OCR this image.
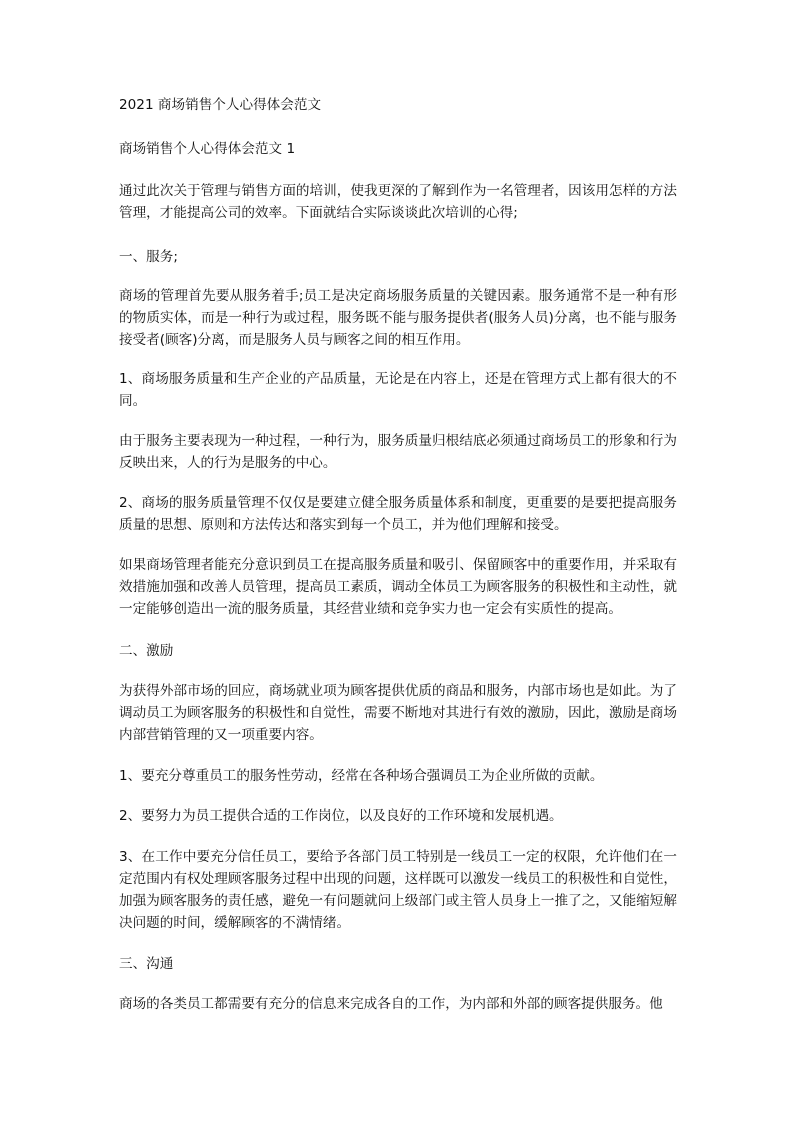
2021 商场销售个人心得体会范文

商场销售个人心得体会范文 1

通过此次关于管理与销售方面的培训，使我更深的了解到作为一名管理者，因该用怎样的方法管理，才能提高公司的效率。下面就结合实际谈谈此次培训的心得;

一、服务;

商场的管理首先要从服务着手;员工是决定商场服务质量的关键因素。服务通常不是一种有形的物质实体，而是一种行为或过程，服务既不能与服务提供者(服务人员)分离，也不能与服务接受者(顾客)分离，而是服务人员与顾客之间的相互作用。

1、商场服务质量和生产企业的产品质量，无论是在内容上，还是在管理方式上都有很大的不同。

由于服务主要表现为一种过程，一种行为，服务质量归根结底必须通过商场员工的形象和行为反映出来，人的行为是服务的中心。

2、商场的服务质量管理不仅仅是要建立健全服务质量体系和制度，更重要的是要把提高服务质量的思想、原则和方法传达和落实到每一个员工，并为他们理解和接受。

如果商场管理者能充分意识到员工在提高服务质量和吸引、保留顾客中的重要作用，并采取有效措施加强和改善人员管理，提高员工素质，调动全体员工为顾客服务的积极性和主动性，就一定能够创造出一流的服务质量，其经营业绩和竞争实力也一定会有实质性的提高。

二、激励

为获得外部市场的回应，商场就业项为顾客提供优质的商品和服务，内部市场也是如此。为了调动员工为顾客服务的积极性和自觉性，需要不断地对其进行有效的激励，因此，激励是商场内部营销管理的又一项重要内容。

1、要充分尊重员工的服务性劳动，经常在各种场合强调员工为企业所做的贡献。

2、要努力为员工提供合适的工作岗位，以及良好的工作环境和发展机遇。

3、在工作中要充分信任员工，要给予各部门员工特别是一线员工一定的权限，允许他们在一定范围内有权处理顾客服务过程中出现的问题，这样既可以激发一线员工的积极性和自觉性，加强为顾客服务的责任感，避免一有问题就问上级部门或主管人员身上一推了之，又能缩短解决问题的时间，缓解顾客的不满情绪。

三、沟通

商场的各类员工都需要有充分的信息来完成各自的工作，为内部和外部的顾客提供服务。他
